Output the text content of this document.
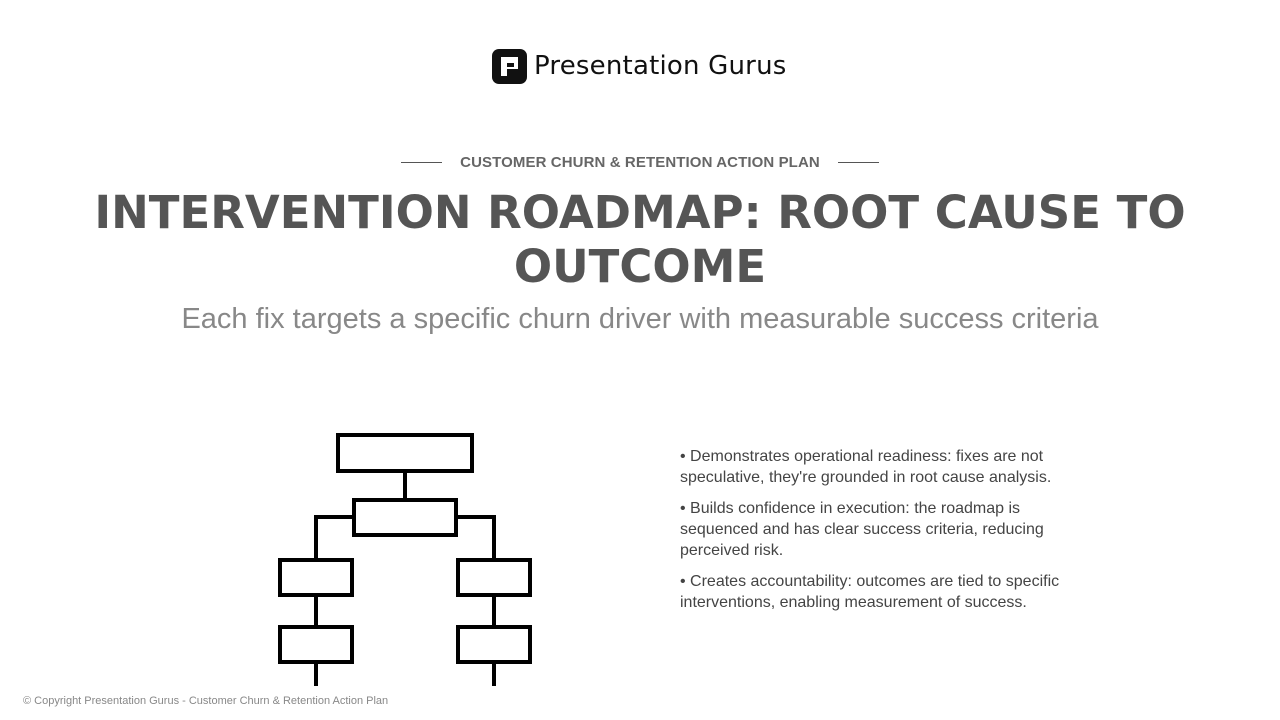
Presentation Gurus
CUSTOMER CHURN & RETENTION ACTION PLAN
INTERVENTION ROADMAP: ROOT CAUSE TO OUTCOME
Each fix targets a specific churn driver with measurable success criteria
• Demonstrates operational readiness: fixes are not speculative, they're grounded in root cause analysis.
• Builds confidence in execution: the roadmap is sequenced and has clear success criteria, reducing perceived risk.
• Creates accountability: outcomes are tied to specific interventions, enabling measurement of success.
© Copyright Presentation Gurus - Customer Churn & Retention Action Plan
